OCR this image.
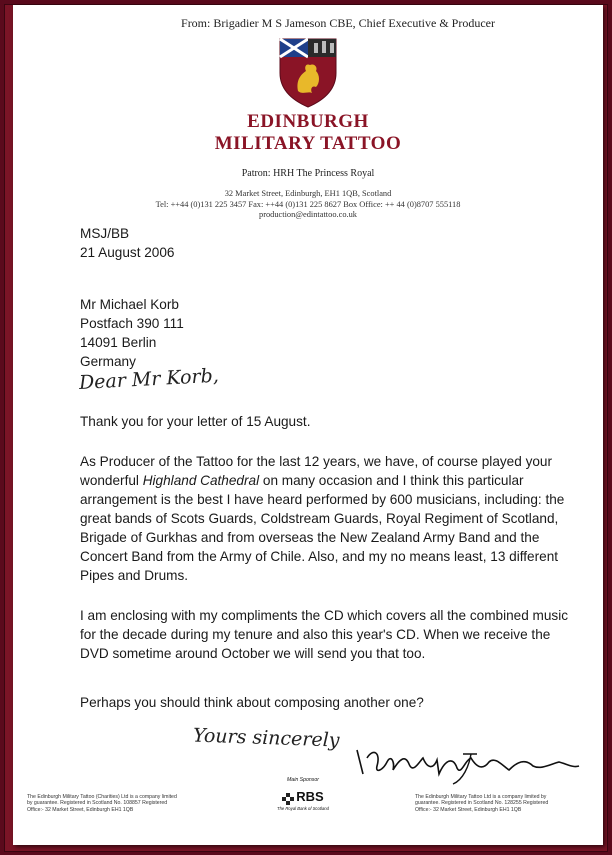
From: Brigadier M S Jameson CBE, Chief Executive & Producer
EDINBURGH
MILITARY TATTOO
Patron: HRH The Princess Royal
32 Market Street, Edinburgh, EH1 1QB, Scotland
Tel: ++44 (0)131 225 3457 Fax: ++44 (0)131 225 8627 Box Office: ++ 44 (0)8707 555118
production@edintattoo.co.uk
MSJ/BB
21 August 2006
Mr Michael Korb
Postfach 390 111
14091 Berlin
Germany
Dear Mr Korb,

Thank you for your letter of 15 August.

As Producer of the Tattoo for the last 12 years, we have, of course played your wonderful Highland Cathedral on many occasion and I think this particular arrangement is the best I have heard performed by 600 musicians, including: the great bands of Scots Guards, Coldstream Guards, Royal Regiment of Scotland, Brigade of Gurkhas and from overseas the New Zealand Army Band and the Concert Band from the Army of Chile. Also, and my no means least, 13 different Pipes and Drums.

I am enclosing with my compliments the CD which covers all the combined music for the decade during my tenure and also this year's CD. When we receive the DVD sometime around October we will send you that too.

Perhaps you should think about composing another one?

Yours sincerely
The Edinburgh Military Tattoo (Charities) Ltd is a company limited by guarantee. Registered in Scotland No. 108857 Registered Office:- 32 Market Street, Edinburgh EH1 1QB
Main Sponsor
RBS
The Royal Bank of Scotland
The Edinburgh Military Tattoo Ltd is a company limited by guarantee. Registered in Scotland No. 128255 Registered Office:- 32 Market Street, Edinburgh EH1 1QB
